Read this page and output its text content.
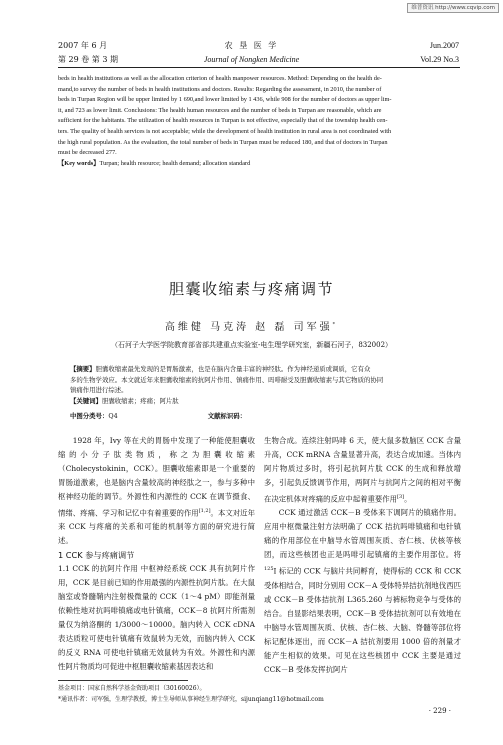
维普资讯 http://www.cqvip.com
2007 年 6 月
第 29 卷 第 3 期
农 垦 医 学
Journal of Nongken Medicine
Jun.2007
Vol.29 No.3
beds in health institutions as well as the allocation criterion of health manpower resources. Method: Depending on the health de-
mand,to survey the number of beds in health institutions and doctors. Results: Regarding the assessment, in 2010, the number of
beds in Turpan Region will be upper limited by 1 690,and lower limited by 1 436, while 908 for the number of doctors as upper lim-
it, and 723 as lower limit. Conclusions: The health human resources and the number of beds in Turpan are reasonable, which are
sufficient for the habitants. The utilization of health resources in Turpan is not effective, especially that of the township health cen-
ters. The quality of health services is not acceptable; while the development of health institution in rural area is not coordinated with
the high rural population. As the evaluation, the total number of beds in Turpan must be reduced 180, and that of doctors in Turpan
must be decreased 277.
【Key words】Turpan; health resource; health demand; allocation standard
胆囊收缩素与疼痛调节
高维健 马克涛 赵 磊 司军强*
（石河子大学医学院教育部省部共建重点实验室-电生理学研究室，新疆石河子，832002）
【摘要】胆囊收缩素最先发现的是胃肠激素，也是在脑内含量丰富的神经肽。作为神经递质或调质，它有众
多的生物学效应。本文就近年来胆囊收缩素的抗阿片作用、镇痛作用、吗啡耐受及胆囊收缩素与其它物质的协同
镇痛作用进行综述。
【关键词】胆囊收缩素；疼痛；阿片肽
中图分类号：Q4	文献标识码：

1928 年，Ivy 等在犬的胃肠中发现了一种能使胆囊收缩的小分子肽类物质，称之为胆囊收缩素（Cholecystokinin，CCK）。胆囊收缩素即是一个重要的胃肠道激素，也是脑内含量较高的神经肽之一，参与多种中枢神经功能的调节。外源性和内源性的 CCK 在调节摄食、情绪、疼痛、学习和记忆中有着重要的作用[1,2]。本文对近年来 CCK 与疼痛的关系和可能的机制等方面的研究进行简述。

1 CCK 参与疼痛调节

1.1 CCK 的抗阿片作用 中枢神经系统 CCK 具有抗阿片作用，CCK 是目前已知的作用最强的内源性抗阿片肽。在大鼠脑室或脊髓鞘内注射极微量的 CCK（1～4 pM）即能剂量依赖性地对抗吗啡镇痛或电针镇痛，CCK－8 抗阿片所需剂量仅为纳洛酮的 1/3000～10000。脑内转入 CCK cDNA 表达质粒可使电针镇痛有效鼠转为无效，而脑内转入 CCK 的反义 RNA 可使电针镇痛无效鼠转为有效。外源性和内源性阿片物质均可促进中枢胆囊收缩素基因表达和

生物合成。连续注射吗啡 6 天，使大鼠多数脑区 CCK 含量升高，CCK mRNA 含量显著升高，表达合成加速。当体内阿片物质过多时，将引起抗阿片肽 CCK 的生成和释放增多，引起负反馈调节作用，两阿片与抗阿片之间的相对平衡在决定机体对疼痛的反应中起着重要作用[3]。

CCK 通过激活 CCK－B 受体来下调阿片的镇痛作用。应用中枢微量注射方法明确了 CCK 拮抗吗啡镇痛和电针镇痛的作用部位在中脑导水管周围灰质、杏仁核、伏核等核团，而这些核团也正是吗啡引起镇痛的主要作用部位。将$^{125}$I 标记的 CCK 与脑片共同孵育，使得标的 CCK 和 CCK 受体相结合，同时分别用 CCK－A 受体特异拮抗剂地伐西匹或 CCK－B 受体拮抗剂 L365.260 与裤标物竞争与受体的结合。自显影结果表明，CCK－B 受体拮抗剂可以有效地在中脑导水管周围灰质、伏核、杏仁核、大脑、脊髓等部位将标记配体逐出，而 CCK－A 拮抗剂要用 1000 倍的剂量才能产生相似的效果。可见在这些核团中 CCK 主要是通过 CCK－B 受体发挥抗阿片

基金项目：国家自然科学基金资助项目（30160026）。
*通讯作者：司军强，生理学教授，博士生导师从事神经生理学研究，sijunqiang11@hotmail.com
· 229 ·
